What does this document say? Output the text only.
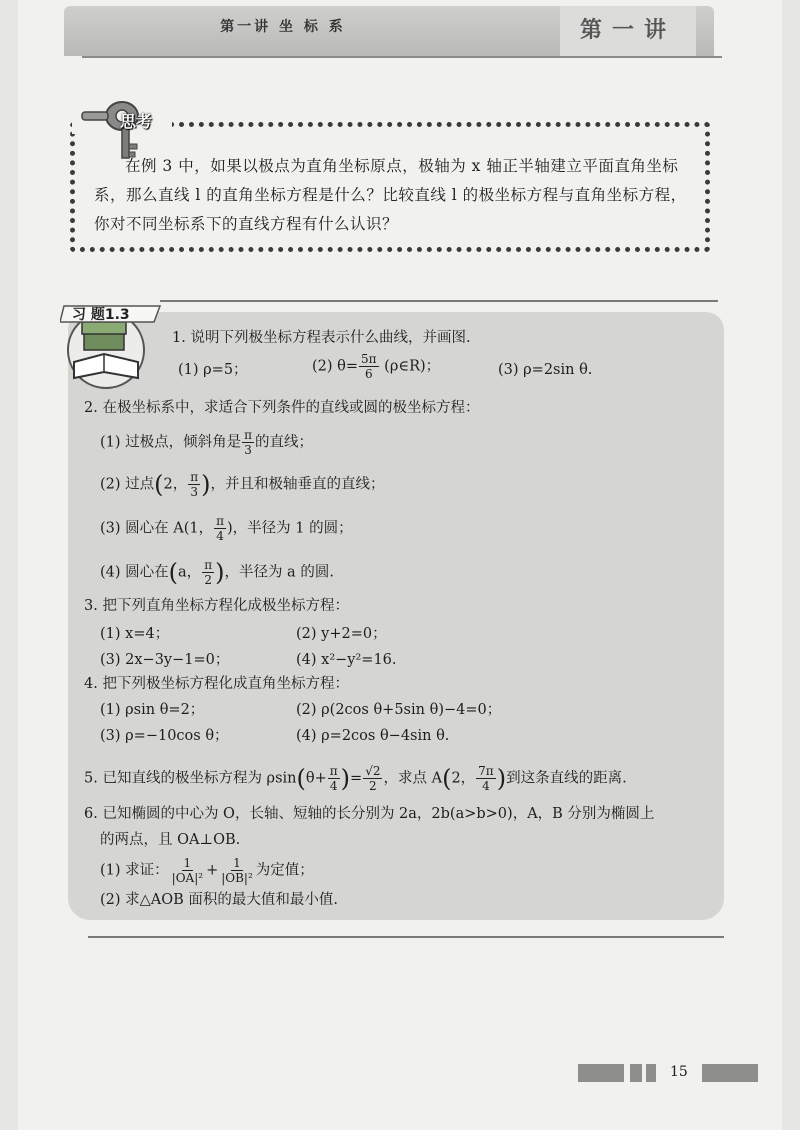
第一讲 坐 标 系	第一讲
思考
在例 3 中，如果以极点为直角坐标原点，极轴为 x 轴正半轴建立平面直角坐标系，那么直线 l 的直角坐标方程是什么？比较直线 l 的极坐标方程与直角坐标方程，你对不同坐标系下的直线方程有什么认识？
习 题1.3
1. 说明下列极坐标方程表示什么曲线，并画图.
(1) ρ=5；	(2) $\theta= \frac{5\pi}{6}$ (ρ∈R)；	(3) ρ=2sin θ.
2. 在极坐标系中，求适合下列条件的直线或圆的极坐标方程：
(1) 过极点，倾斜角是 $\frac{\pi}{3}$ 的直线；
(2) 过点(2， $\frac{\pi}{3}$ )，并且和极轴垂直的直线；
(3) 圆心在 A(1， $\frac{\pi}{4}$ )，半径为 1 的圆；
(4) 圆心在(a， $\frac{\pi}{2}$ )，半径为 a 的圆.
3. 把下列直角坐标方程化成极坐标方程：
(1) x=4；	(2) y+2=0；
(3) 2x−3y−1=0；	(4) x²−y²=16.
4. 把下列极坐标方程化成直角坐标方程：
(1) ρsin θ=2；	(2) ρ(2cos θ+5sin θ)−4=0；
(3) ρ=−10cos θ；	(4) ρ=2cos θ−4sin θ.
5. 已知直线的极坐标方程为 $\rho\sin(\theta+ \frac{\pi}{4}$ )= $\frac{√2}{2}$ ，求点 A(2， $\frac{7\pi}{4}$ )到这条直线的距离.
6. 已知椭圆的中心为 O，长轴、短轴的长分别为 2a，2b(a>b>0)，A，B 分别为椭圆上
的两点，且 OA⊥OB.
(1) 求证： $\frac{1}{\text{|OA|²}} + \frac{1}{\text{|OB|²}}$ 为定值；
(2) 求△AOB 面积的最大值和最小值.
15
